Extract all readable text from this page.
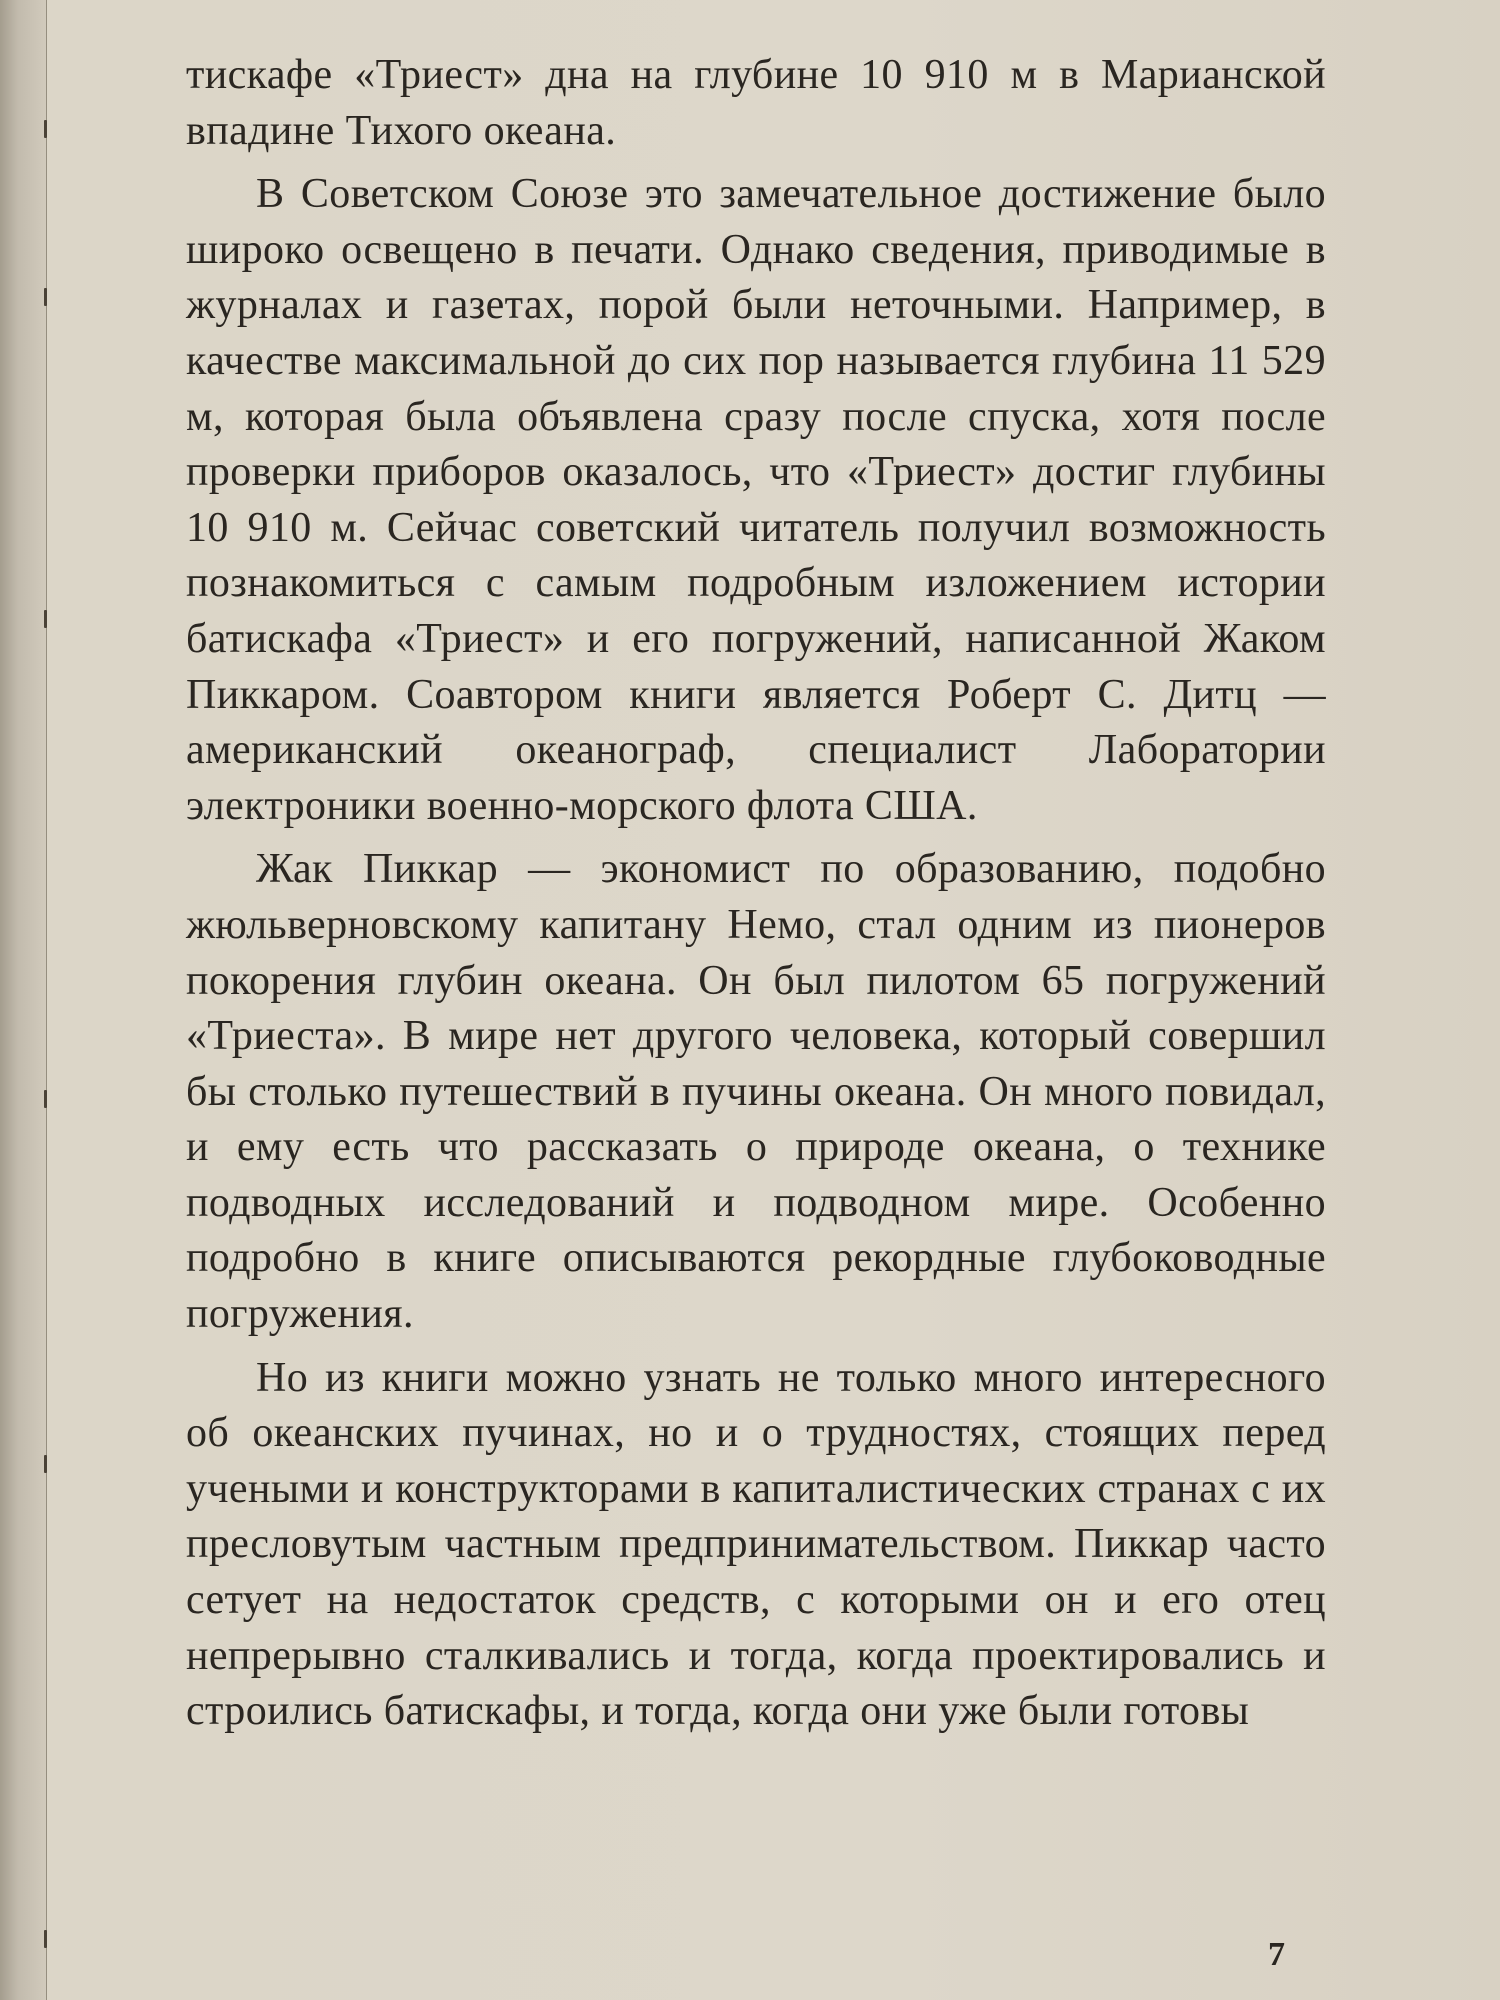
тискафе «Триест» дна на глубине 10 910 м в Марианской впадине Тихого океана.

В Советском Союзе это замечательное достижение было широко освещено в печати. Однако сведения, приводимые в журналах и газетах, порой были неточными. Например, в качестве максимальной до сих пор называется глубина 11 529 м, которая была объявлена сразу после спуска, хотя после проверки приборов оказалось, что «Триест» достиг глубины 10 910 м. Сейчас советский читатель получил возможность познакомиться с самым подробным изложением истории батискафа «Триест» и его погружений, написанной Жаком Пиккаром. Соавтором книги является Роберт С. Дитц — американский океанограф, специалист Лаборатории электроники военно-морского флота США.

Жак Пиккар — экономист по образованию, подобно жюльверновскому капитану Немо, стал одним из пионеров покорения глубин океана. Он был пилотом 65 погружений «Триеста». В мире нет другого человека, который совершил бы столько путешествий в пучины океана. Он много повидал, и ему есть что рассказать о природе океана, о технике подводных исследований и подводном мире. Особенно подробно в книге описываются рекордные глубоководные погружения.

Но из книги можно узнать не только много интересного об океанских пучинах, но и о трудностях, стоящих перед учеными и конструкторами в капиталистических странах с их пресловутым частным предпринимательством. Пиккар часто сетует на недостаток средств, с которыми он и его отец непрерывно сталкивались и тогда, когда проектировались и строились батискафы, и тогда, когда они уже были готовы

7
